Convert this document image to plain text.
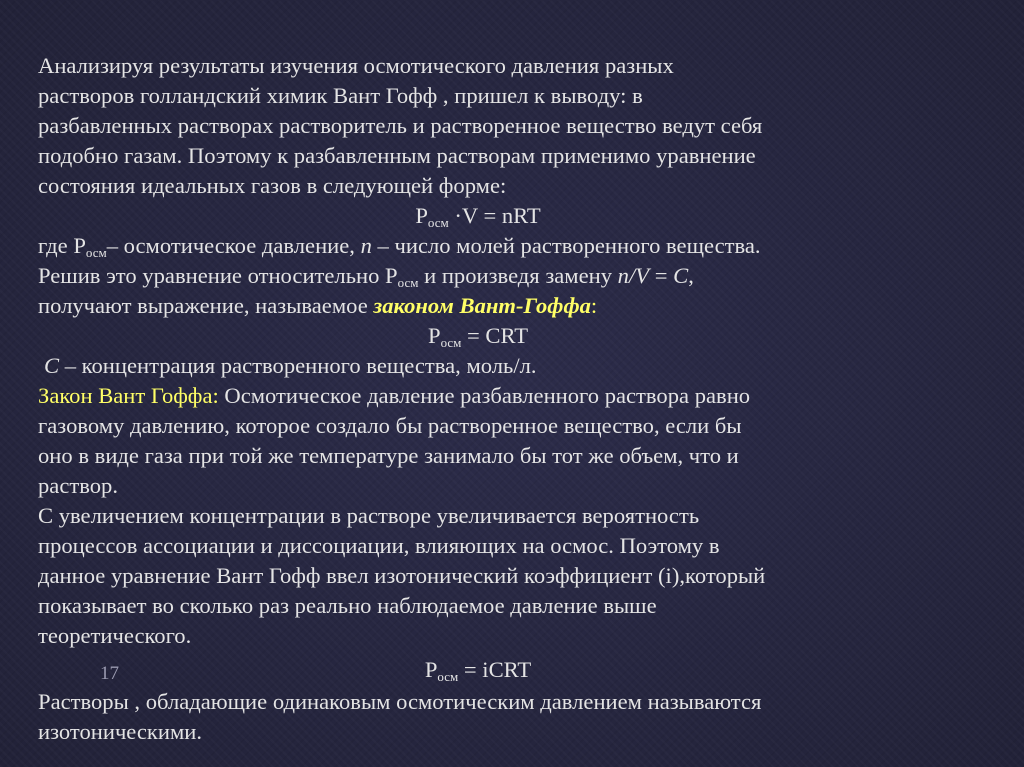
Анализируя результаты изучения осмотического давления разных
растворов голландский химик Вант Гофф , пришел к выводу: в
разбавленных растворах растворитель и растворенное вещество ведут себя
подобно газам. Поэтому к разбавленным растворам применимо уравнение
состояния идеальных газов в следующей форме:
$P_{осм} \cdot V$ = nRT
где $P_{осм}-$ осмотическое давление, n – число молей растворенного вещества.
Решив это уравнение относительно $P_{осм}$ и произведя замену n/V = C,
получают выражение, называемое законом Вант-Гоффа:
$P_{осм}$ = CRT
C – концентрация растворенного вещества, моль/л.
Закон Вант Гоффа: Осмотическое давление разбавленного раствора равно
газовому давлению, которое создало бы растворенное вещество, если бы
оно в виде газа при той же температуре занимало бы тот же объем, что и
раствор.
С увеличением концентрации в растворе увеличивается вероятность
процессов ассоциации и диссоциации, влияющих на осмос. Поэтому в
данное уравнение Вант Гофф ввел изотонический коэффициент (i),который
показывает во сколько раз реально наблюдаемое давление выше
теоретического.
$P_{осм}$ = iCRT
Растворы , обладающие одинаковым осмотическим давлением называются
изотоническими.
17
